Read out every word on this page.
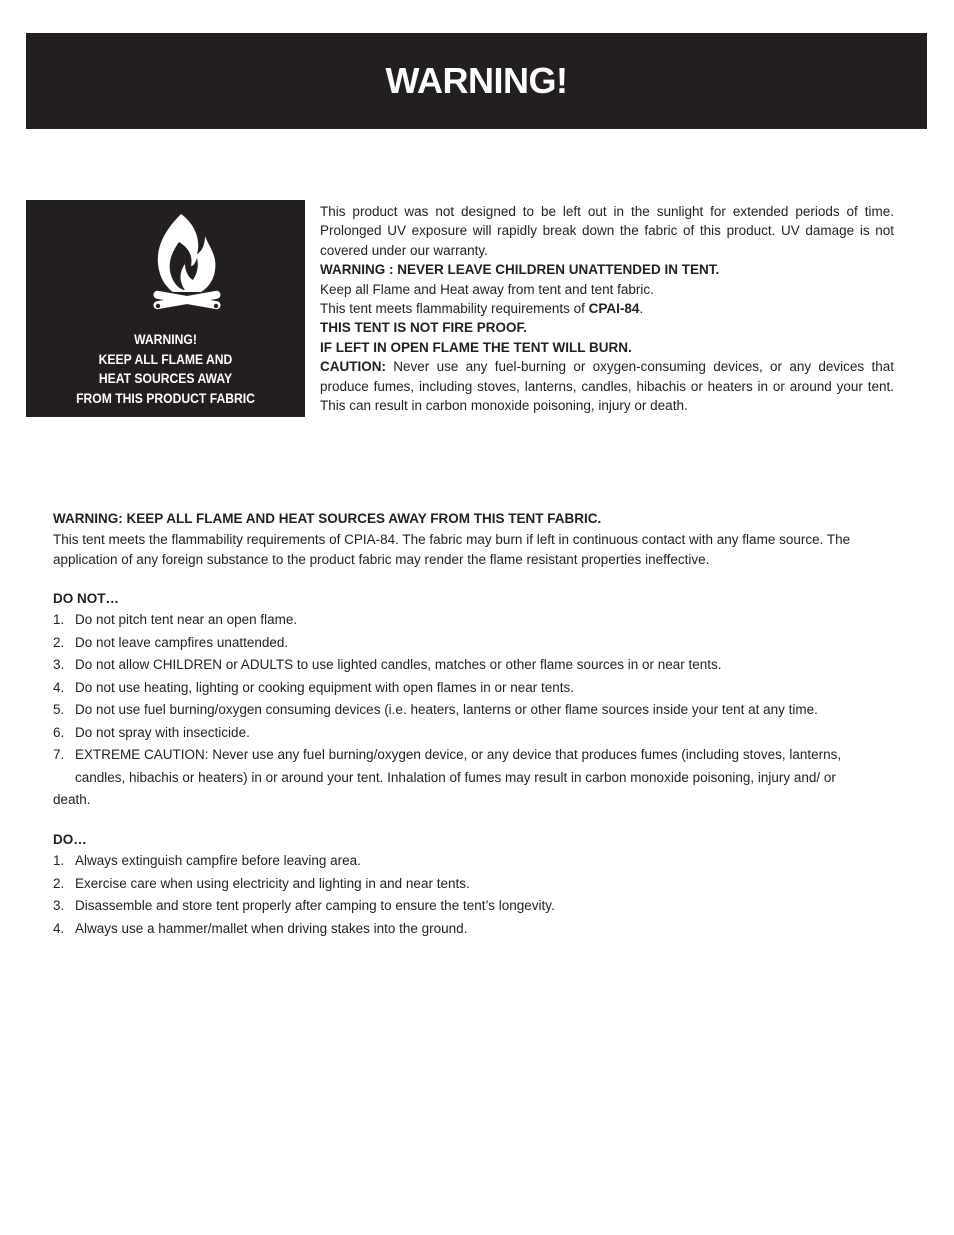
WARNING!
WARNING!
KEEP ALL FLAME AND
HEAT SOURCES AWAY
FROM THIS PRODUCT FABRIC

This product was not designed to be left out in the sunlight for extended periods of time. Prolonged UV exposure will rapidly break down the fabric of this product. UV damage is not covered under our warranty.

WARNING : NEVER LEAVE CHILDREN UNATTENDED IN TENT.

Keep all Flame and Heat away from tent and tent fabric.

This tent meets flammability requirements of CPAI-84.

THIS TENT IS NOT FIRE PROOF.

IF LEFT IN OPEN FLAME THE TENT WILL BURN.

CAUTION: Never use any fuel-burning or oxygen-consuming devices, or any devices that produce fumes, including stoves, lanterns, candles, hibachis or heaters in or around your tent. This can result in carbon monoxide poisoning, injury or death.

WARNING: KEEP ALL FLAME AND HEAT SOURCES AWAY FROM THIS TENT FABRIC.

This tent meets the flammability requirements of CPIA-84. The fabric may burn if left in continuous contact with any flame source. The application of any foreign substance to the product fabric may render the flame resistant properties ineffective.

DO NOT…

1. Do not pitch tent near an open flame.
2. Do not leave campfires unattended.
3. Do not allow CHILDREN or ADULTS to use lighted candles, matches or other flame sources in or near tents.
4. Do not use heating, lighting or cooking equipment with open flames in or near tents.
5. Do not use fuel burning/oxygen consuming devices (i.e. heaters, lanterns or other flame sources inside your tent at any time.
6. Do not spray with insecticide.
7. EXTREME CAUTION: Never use any fuel burning/oxygen device, or any device that produces fumes (including stoves, lanterns,
candles, hibachis or heaters) in or around your tent. Inhalation of fumes may result in carbon monoxide poisoning, injury and/ or
death.

DO…

1. Always extinguish campfire before leaving area.
2. Exercise care when using electricity and lighting in and near tents.
3. Disassemble and store tent properly after camping to ensure the tent’s longevity.
4. Always use a hammer/mallet when driving stakes into the ground.
